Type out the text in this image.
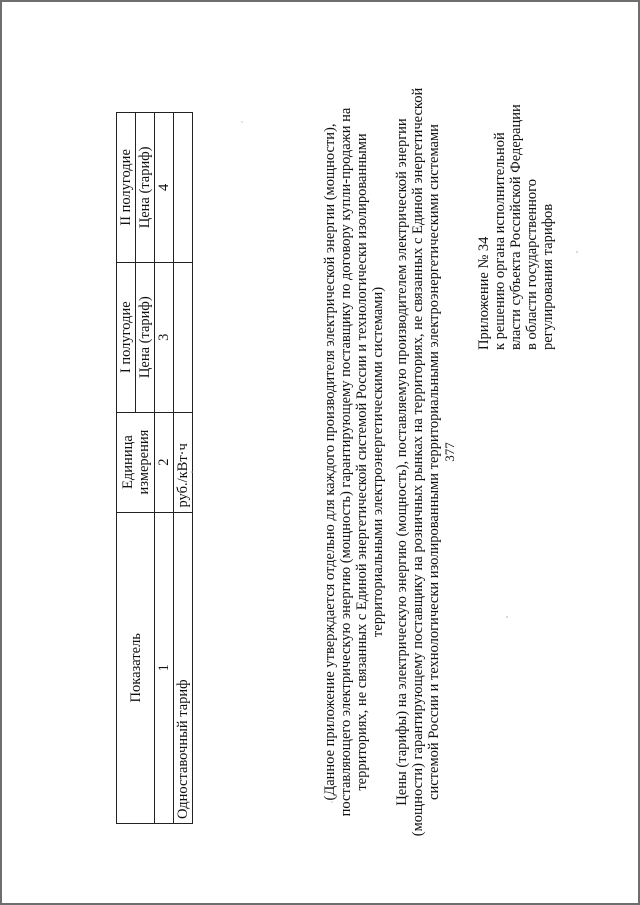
377
Приложение № 34 к решению органа исполнительной власти субъекта Российской Федерации в области государственного регулирования тарифов
Цены (тарифы) на электрическую энергию (мощность), поставляемую производителем электрической энергии (мощности) гарантирующему поставщику на розничных рынках на территориях, не связанных с Единой энергетической системой России и технологически изолированными территориальными электроэнергетическими системами
(Данное приложение утверждается отдельно для каждого производителя электрической энергии (мощности), поставляющего электрическую энергию (мощность) гарантирующему поставщику по договору купли-продажи на территориях, не связанных с Единой энергетической системой России и технологически изолированными территориальными электроэнергетическими системами)
Показатель	Единица измерения	I полугодие	II полугодие
		Цена (тариф)	Цена (тариф)
1	2	3	4
Одноставочный тариф	руб./кВт·ч		
